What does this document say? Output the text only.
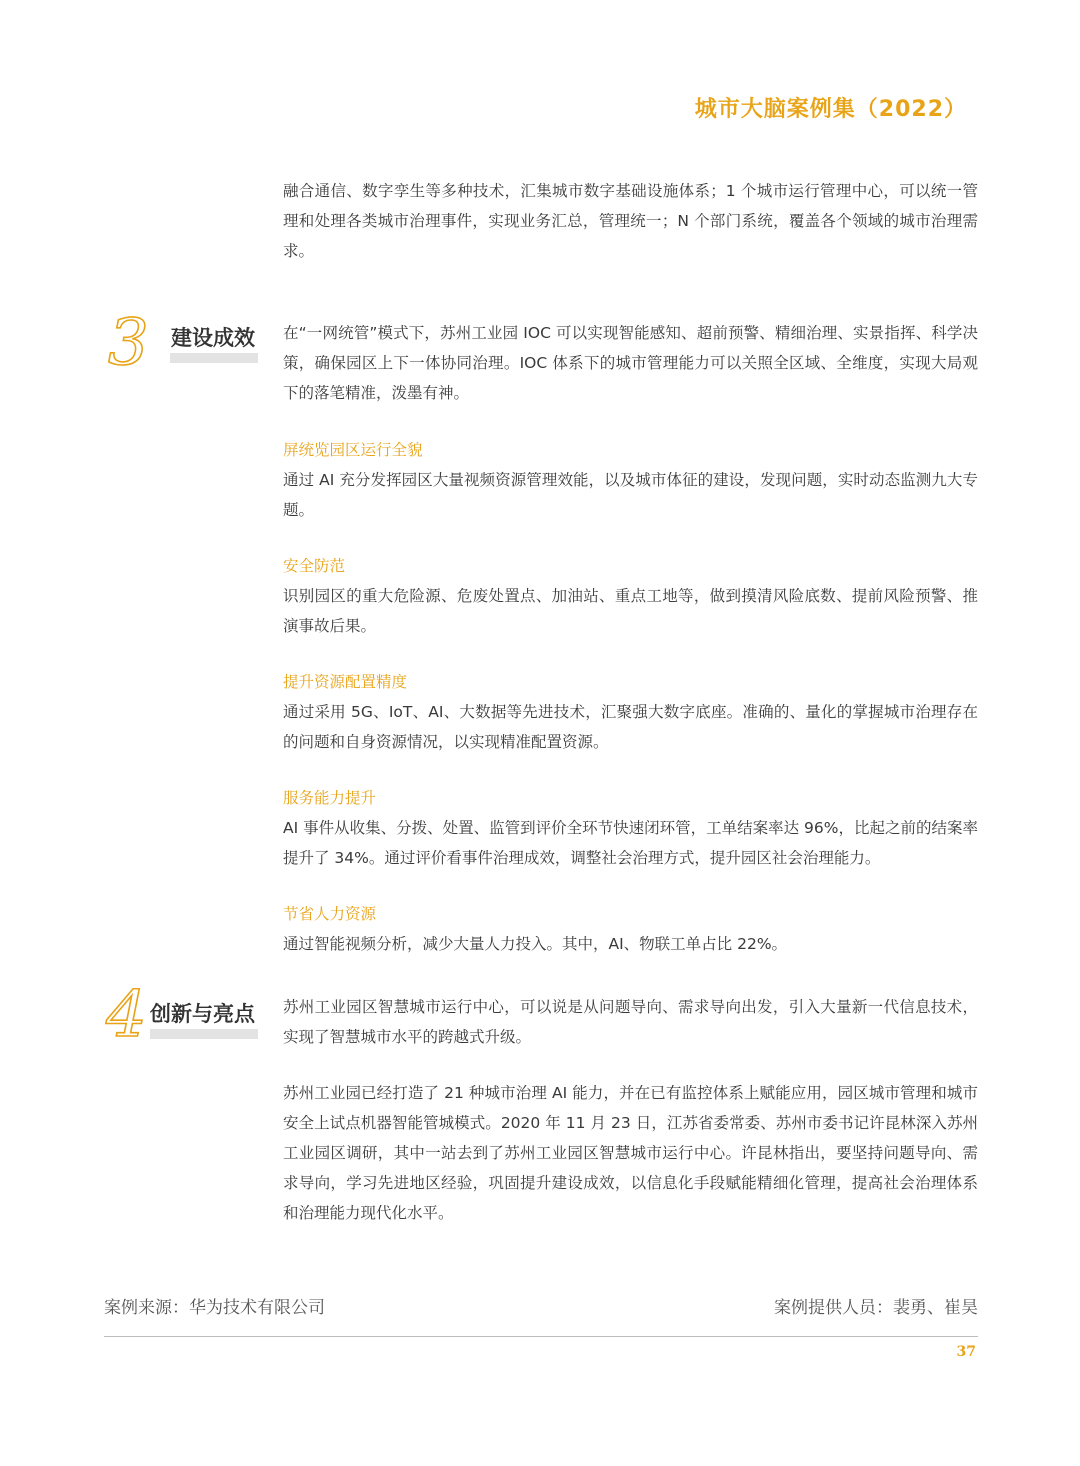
城市大脑案例集（2022）

融合通信、数字孪生等多种技术，汇集城市数字基础设施体系；1 个城市运行管理中心，可以统一管理和处理各类城市治理事件，实现业务汇总，管理统一；N 个部门系统，覆盖各个领域的城市治理需求。

3 建设成效 在“一网统管”模式下，苏州工业园 IOC 可以实现智能感知、超前预警、精细治理、实景指挥、科学决策，确保园区上下一体协同治理。IOC 体系下的城市管理能力可以关照全区域、全维度，实现大局观下的落笔精准，泼墨有神。

屏统览园区运行全貌

通过 AI 充分发挥园区大量视频资源管理效能，以及城市体征的建设，发现问题，实时动态监测九大专题。

安全防范

识别园区的重大危险源、危废处置点、加油站、重点工地等，做到摸清风险底数、提前风险预警、推演事故后果。

提升资源配置精度

通过采用 5G、IoT、AI、大数据等先进技术，汇聚强大数字底座。准确的、量化的掌握城市治理存在的问题和自身资源情况，以实现精准配置资源。

服务能力提升

AI 事件从收集、分拨、处置、监管到评价全环节快速闭环管，工单结案率达 96%，比起之前的结案率提升了 34%。通过评价看事件治理成效，调整社会治理方式，提升园区社会治理能力。

节省人力资源

通过智能视频分析，减少大量人力投入。其中，AI、物联工单占比 22%。

4 创新与亮点 苏州工业园区智慧城市运行中心，可以说是从问题导向、需求导向出发，引入大量新一代信息技术，实现了智慧城市水平的跨越式升级。

苏州工业园已经打造了 21 种城市治理 AI 能力，并在已有监控体系上赋能应用，园区城市管理和城市安全上试点机器智能管城模式。2020 年 11 月 23 日，江苏省委常委、苏州市委书记许昆林深入苏州工业园区调研，其中一站去到了苏州工业园区智慧城市运行中心。许昆林指出，要坚持问题导向、需求导向，学习先进地区经验，巩固提升建设成效，以信息化手段赋能精细化管理，提高社会治理体系和治理能力现代化水平。

案例来源：华为技术有限公司	案例提供人员：裴勇、崔昊
37
